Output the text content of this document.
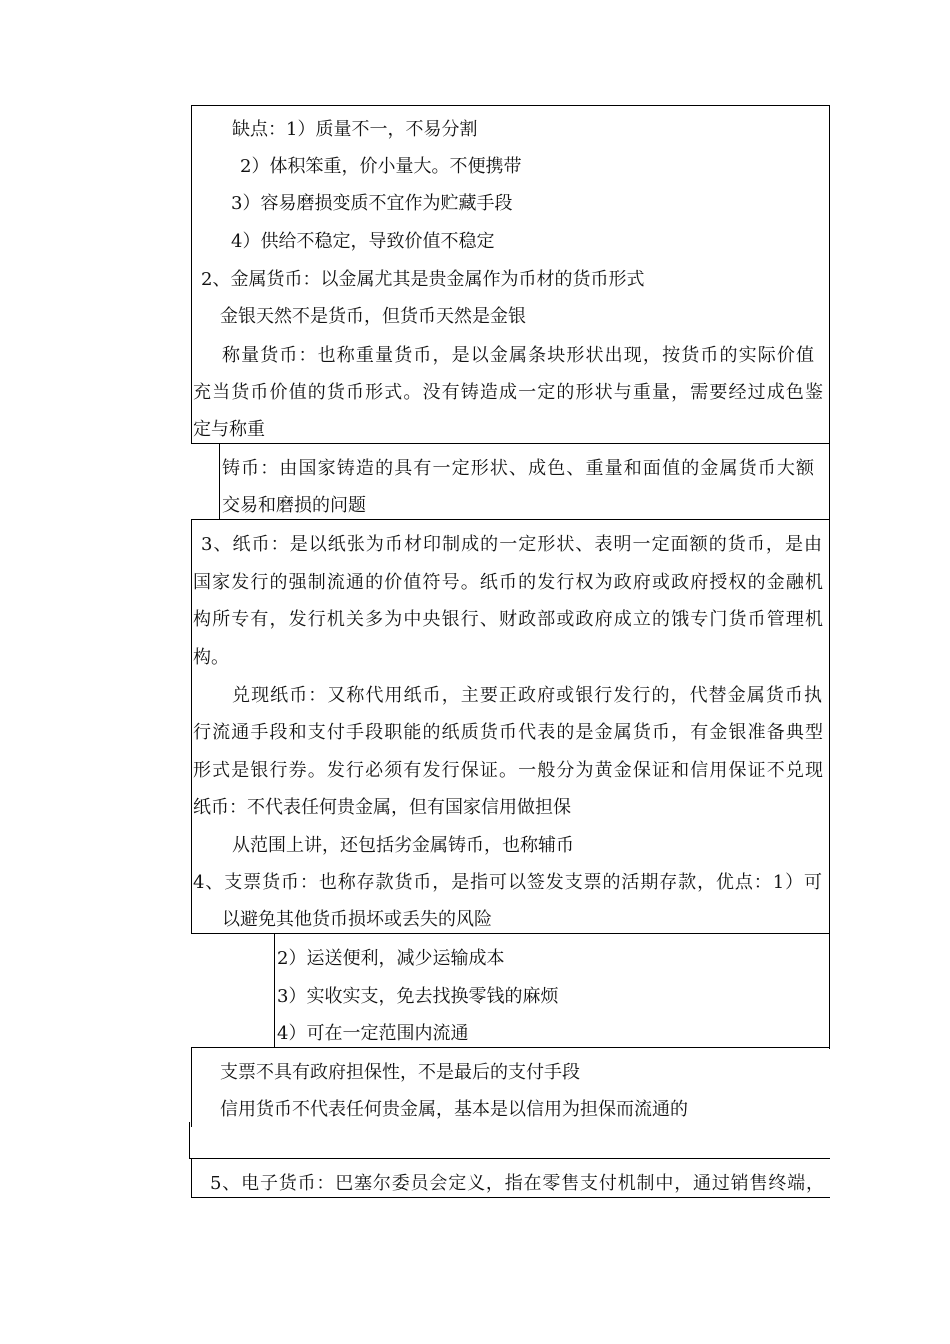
缺点：1）质量不一，不易分割
2）体积笨重，价小量大。不便携带
3）容易磨损变质不宜作为贮藏手段
4）供给不稳定，导致价值不稳定
2、金属货币：以金属尤其是贵金属作为币材的货币形式
金银天然不是货币，但货币天然是金银
称量货币：也称重量货币，是以金属条块形状出现，按货币的实际价值
充当货币价值的货币形式。没有铸造成一定的形状与重量，需要经过成色鉴
定与称重
铸币：由国家铸造的具有一定形状、成色、重量和面值的金属货币大额
交易和磨损的问题
3、纸币：是以纸张为币材印制成的一定形状、表明一定面额的货币，是由
国家发行的强制流通的价值符号。纸币的发行权为政府或政府授权的金融机
构所专有，发行机关多为中央银行、财政部或政府成立的饿专门货币管理机
构。
兑现纸币：又称代用纸币，主要正政府或银行发行的，代替金属货币执
行流通手段和支付手段职能的纸质货币代表的是金属货币，有金银准备典型
形式是银行券。发行必须有发行保证。一般分为黄金保证和信用保证不兑现
纸币：不代表任何贵金属，但有国家信用做担保
从范围上讲，还包括劣金属铸币，也称辅币
4、支票货币：也称存款货币，是指可以签发支票的活期存款，优点：1）可
以避免其他货币损坏或丢失的风险
2）运送便利，减少运输成本
3）实收实支，免去找换零钱的麻烦
4）可在一定范围内流通
支票不具有政府担保性，不是最后的支付手段
信用货币不代表任何贵金属，基本是以信用为担保而流通的
5、电子货币：巴塞尔委员会定义，指在零售支付机制中，通过销售终端，
